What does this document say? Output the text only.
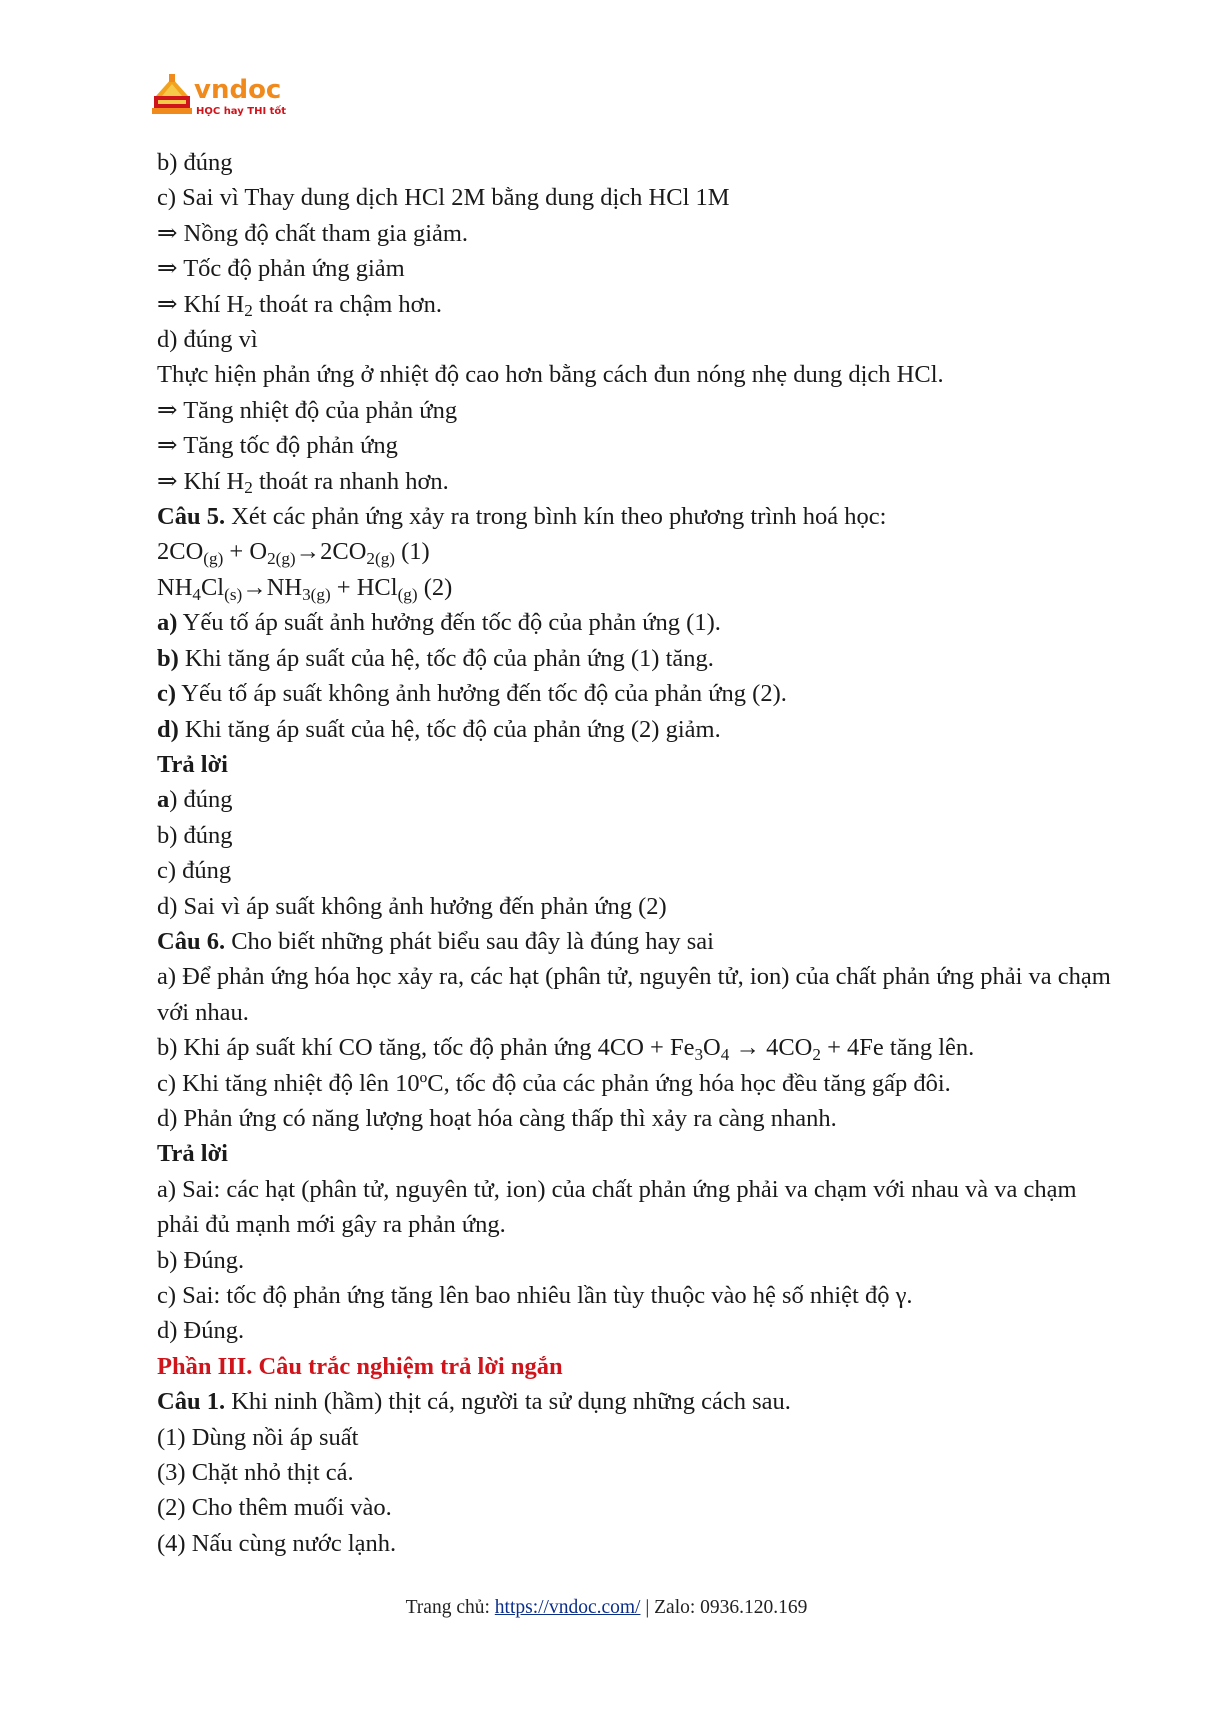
vndoc
HỌC hay THI tốt
b) đúng
c) Sai vì Thay dung dịch HCl 2M bằng dung dịch HCl 1M
⇒ Nồng độ chất tham gia giảm.
⇒ Tốc độ phản ứng giảm
⇒ Khí $H_2$ thoát ra chậm hơn.
d) đúng vì
Thực hiện phản ứng ở nhiệt độ cao hơn bằng cách đun nóng nhẹ dung dịch HCl.
⇒ Tăng nhiệt độ của phản ứng
⇒ Tăng tốc độ phản ứng
⇒ Khí $H_2$ thoát ra nhanh hơn.
Câu 5. Xét các phản ứng xảy ra trong bình kín theo phương trình hoá học:
$2CO_{(g)} + O_{2(g)}\to 2CO_{2(g)}$ (1)
$NH_4Cl_{(s)}\to NH_{3(g)} + HCl_{(g)}$ (2)
a) Yếu tố áp suất ảnh hưởng đến tốc độ của phản ứng (1).
b) Khi tăng áp suất của hệ, tốc độ của phản ứng (1) tăng.
c) Yếu tố áp suất không ảnh hưởng đến tốc độ của phản ứng (2).
d) Khi tăng áp suất của hệ, tốc độ của phản ứng (2) giảm.
Trả lời
a) đúng
b) đúng
c) đúng
d) Sai vì áp suất không ảnh hưởng đến phản ứng (2)
Câu 6. Cho biết những phát biểu sau đây là đúng hay sai
a) Để phản ứng hóa học xảy ra, các hạt (phân tử, nguyên tử, ion) của chất phản ứng phải va chạm với nhau.
b) Khi áp suất khí CO tăng, tốc độ phản ứng $4CO + Fe_3O_4 \to 4CO_2 + 4Fe$ tăng lên.
c) Khi tăng nhiệt độ lên 10ºC, tốc độ của các phản ứng hóa học đều tăng gấp đôi.
d) Phản ứng có năng lượng hoạt hóa càng thấp thì xảy ra càng nhanh.
Trả lời
a) Sai: các hạt (phân tử, nguyên tử, ion) của chất phản ứng phải va chạm với nhau và va chạm phải đủ mạnh mới gây ra phản ứng.
b) Đúng.
c) Sai: tốc độ phản ứng tăng lên bao nhiêu lần tùy thuộc vào hệ số nhiệt độ γ.
d) Đúng.
Phần III. Câu trắc nghiệm trả lời ngắn
Câu 1. Khi ninh (hầm) thịt cá, người ta sử dụng những cách sau.
(1) Dùng nồi áp suất
(3) Chặt nhỏ thịt cá.
(2) Cho thêm muối vào.
(4) Nấu cùng nước lạnh.
Trang chủ: https://vndoc.com/ | Zalo: 0936.120.169
